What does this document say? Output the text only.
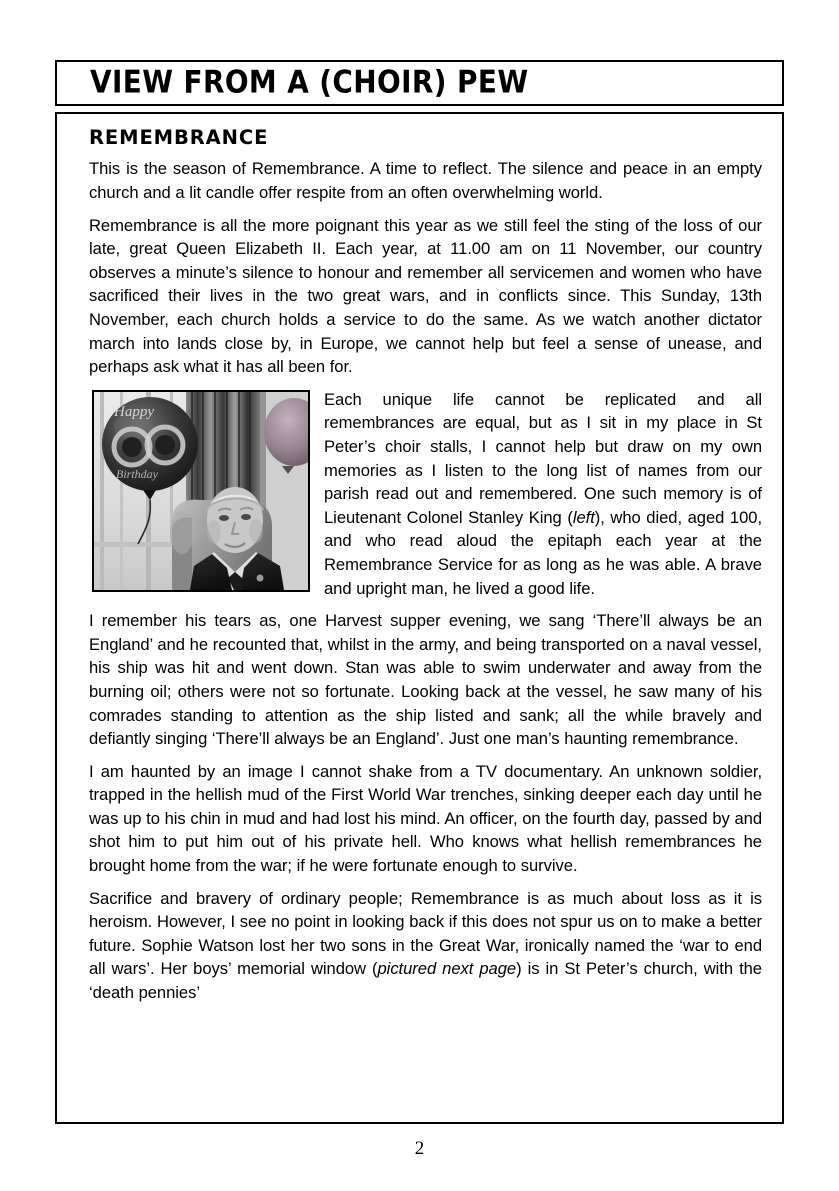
VIEW FROM A (CHOIR) PEW
REMEMBRANCE

This is the season of Remembrance. A time to reflect. The silence and peace in an empty church and a lit candle offer respite from an often overwhelming world.

Remembrance is all the more poignant this year as we still feel the sting of the loss of our late, great Queen Elizabeth II. Each year, at 11.00 am on 11 November, our country observes a minute’s silence to honour and remember all servicemen and women who have sacrificed their lives in the two great wars, and in conflicts since. This Sunday, 13th November, each church holds a service to do the same. As we watch another dictator march into lands close by, in Europe, we cannot help but feel a sense of unease, and perhaps ask what it has all been for.

Happy
Birthday

Each unique life cannot be replicated and all remembrances are equal, but as I sit in my place in St Peter’s choir stalls, I cannot help but draw on my own memories as I listen to the long list of names from our parish read out and remembered. One such memory is of Lieutenant Colonel Stanley King (left), who died, aged 100, and who read aloud the epitaph each year at the Remembrance Service for as long as he was able. A brave and upright man, he lived a good life.

I remember his tears as, one Harvest supper evening, we sang ‘There’ll always be an England’ and he recounted that, whilst in the army, and being transported on a naval vessel, his ship was hit and went down. Stan was able to swim underwater and away from the burning oil; others were not so fortunate. Looking back at the vessel, he saw many of his comrades standing to attention as the ship listed and sank; all the while bravely and defiantly singing ‘There’ll always be an England’. Just one man’s haunting remembrance.

I am haunted by an image I cannot shake from a TV documentary. An unknown soldier, trapped in the hellish mud of the First World War trenches, sinking deeper each day until he was up to his chin in mud and had lost his mind. An officer, on the fourth day, passed by and shot him to put him out of his private hell. Who knows what hellish remembrances he brought home from the war; if he were fortunate enough to survive.

Sacrifice and bravery of ordinary people; Remembrance is as much about loss as it is heroism. However, I see no point in looking back if this does not spur us on to make a better future. Sophie Watson lost her two sons in the Great War, ironically named the ‘war to end all wars’. Her boys’ memorial window (pictured next page) is in St Peter’s church, with the ‘death pennies’

2
